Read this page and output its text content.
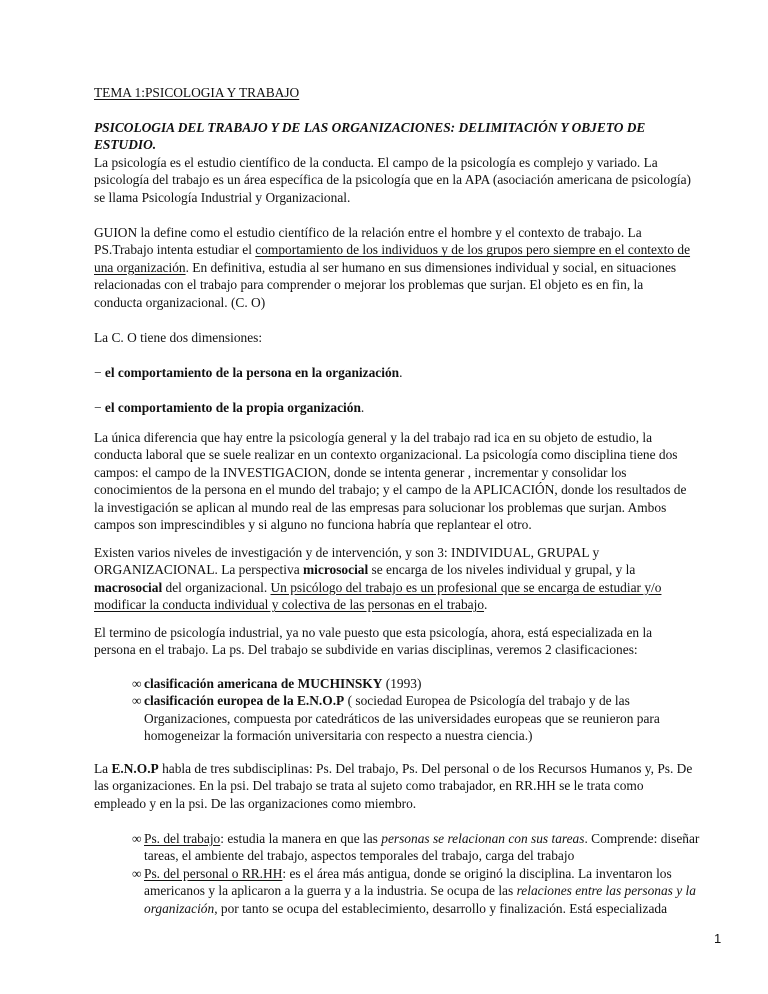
TEMA 1:PSICOLOGIA Y TRABAJO

PSICOLOGIA DEL TRABAJO Y DE LAS ORGANIZACIONES: DELIMITACIÓN Y OBJETO DE ESTUDIO.

La psicología es el estudio científico de la conducta. El campo de la psicología es complejo y variado. La psicología del trabajo es un área específica de la psicología que en la APA (asociación americana de psicología) se llama Psicología Industrial y Organizacional.

GUION la define como el estudio científico de la relación entre el hombre y el contexto de trabajo. La PS.Trabajo intenta estudiar el comportamiento de los individuos y de los grupos pero siempre en el contexto de una organización. En definitiva, estudia al ser humano en sus dimensiones individual y social, en situaciones relacionadas con el trabajo para comprender o mejorar los problemas que surjan. El objeto es en fin, la conducta organizacional. (C. O)

La C. O tiene dos dimensiones:

− el comportamiento de la persona en la organización.

− el comportamiento de la propia organización.

La única diferencia que hay entre la psicología general y la del trabajo rad ica en su objeto de estudio, la conducta laboral que se suele realizar en un contexto organizacional. La psicología como disciplina tiene dos campos: el campo de la INVESTIGACION, donde se intenta generar , incrementar y consolidar los conocimientos de la persona en el mundo del trabajo; y el campo de la APLICACIÓN, donde los resultados de la investigación se aplican al mundo real de las empresas para solucionar los problemas que surjan. Ambos campos son imprescindibles y si alguno no funciona habría que replantear el otro.

Existen varios niveles de investigación y de intervención, y son 3: INDIVIDUAL, GRUPAL y ORGANIZACIONAL. La perspectiva microsocial se encarga de los niveles individual y grupal, y la macrosocial del organizacional. Un psicólogo del trabajo es un profesional que se encarga de estudiar y/o modificar la conducta individual y colectiva de las personas en el trabajo.

El termino de psicología industrial, ya no vale puesto que esta psicología, ahora, está especializada en la persona en el trabajo. La ps. Del trabajo se subdivide en varias disciplinas, veremos 2 clasificaciones:

∞ clasificación americana de MUCHINSKY (1993)
∞ clasificación europea de la E.N.O.P ( sociedad Europea de Psicología del trabajo y de las Organizaciones, compuesta por catedráticos de las universidades europeas que se reunieron para homogeneizar la formación universitaria con respecto a nuestra ciencia.)

La E.N.O.P habla de tres subdisciplinas: Ps. Del trabajo, Ps. Del personal o de los Recursos Humanos y, Ps. De las organizaciones. En la psi. Del trabajo se trata al sujeto como trabajador, en RR.HH se le trata como empleado y en la psi. De las organizaciones como miembro.

∞ Ps. del trabajo: estudia la manera en que las personas se relacionan con sus tareas. Comprende: diseñar tareas, el ambiente del trabajo, aspectos temporales del trabajo, carga del trabajo
∞ Ps. del personal o RR.HH: es el área más antigua, donde se originó la disciplina. La inventaron los americanos y la aplicaron a la guerra y a la industria. Se ocupa de las relaciones entre las personas y la organización, por tanto se ocupa del establecimiento, desarrollo y finalización. Está especializada
1
